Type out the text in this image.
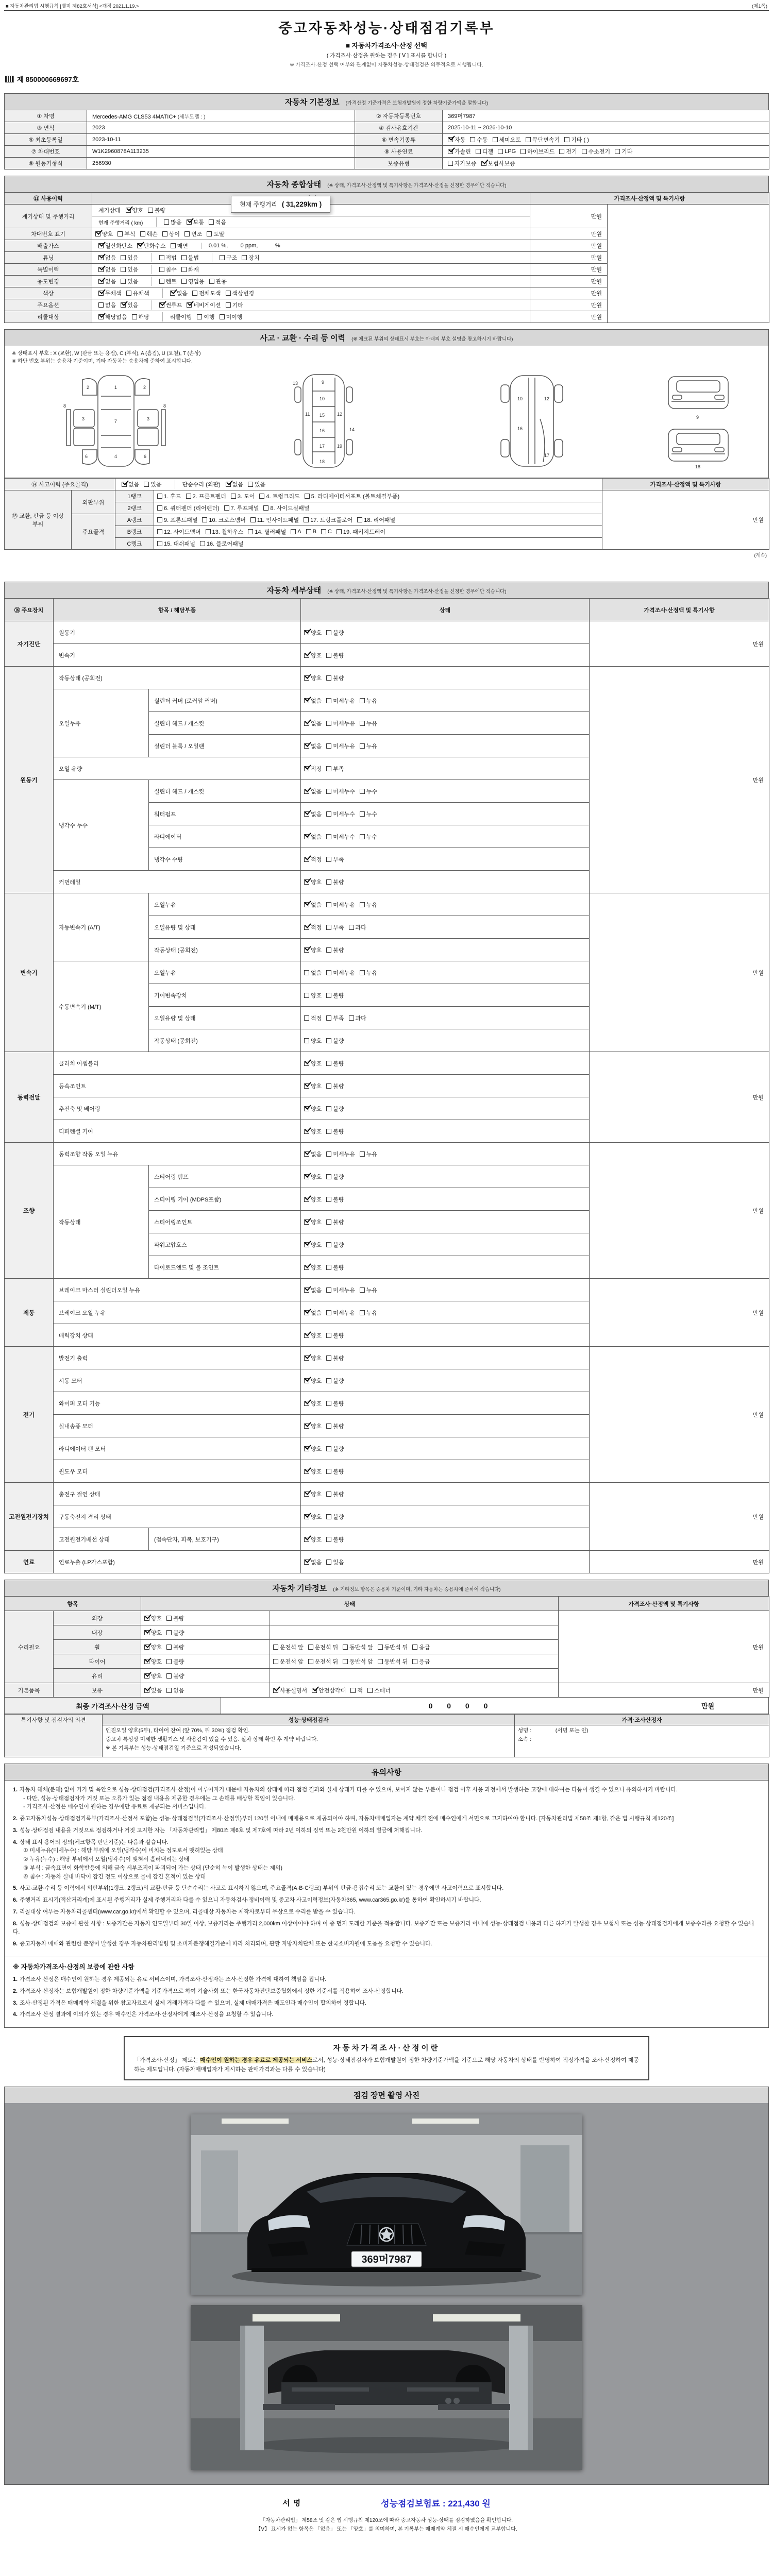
■ 자동차관리법 시행규칙 [별지 제82호서식] <개정 2021.1.19.>	(제1쪽)
중고자동차성능·상태점검기록부
■ 자동차가격조사·산정 선택
( 가격조사·산정을 원하는 경우 [ Ⅴ ] 표시를 합니다 )
※ 가격조사·산정 선택 여부와 관계없이 자동차성능·상태점검은 의무적으로 시행됩니다.
제 850000669697호
자동차 기본정보 (가격산정 기준가격은 보험개발원이 정한 차량기준가액을 말합니다)
① 차명	Mercedes-AMG CLS53 4MATIC+ (세부모델 : )	② 자동차등록번호	369머7987
③ 연식	2023	④ 검사유효기간	2025-10-11 ~ 2026-10-10
⑤ 최초등록일	2023-10-11	⑥ 변속기종류	자동 수동 세미오토 무단변속기 기타 ( )

⑦ 차대번호	W1K2960878A113235	⑧ 사용연료	가솔린 디젤 LPG 하이브리드 전기 수소전기 기타

⑨ 원동기형식	256930	보증유형	자가보증 보험사보증
자동차 종합상태 (※ 상태, 가격조사·산정액 및 특기사항은 가격조사·산정을 신청한 경우에만 적습니다)
⑪ 사용이력		가격조사·산정액 및 특기사항	
계기상태 및 주행거리	계기상태 양호 불량	만원	

	현재 주행거리 ( km) 많음 보통 적음		

차대번호 표기	양호 부식 훼손 상이 변조 도말	만원
배출가스	일산화탄소 탄화수소 매연 0.01 %,        0 ppm,           %	만원	
튜닝	없음 있음	적법 불법	구조 장치	만원
특별이력	없음 있음 침수 화재	만원	
용도변경	없음 있음 렌트 영업용 관용	만원	
색상	무채색 유채색 없음 전체도색 색상변경	만원	
주요옵션	없음 있음 썬루프 네비게이션 기타	만원	
리콜대상	해당없음 해당 리콜이행 이행 미이행	만원	
현재 주행거리 ( 31,229km )
사고 · 교환 · 수리 등 이력 (※ 체크된 부위의 상태표시 부호는 아래의 부호 설명을 참고하시기 바랍니다)
※ 상태표시 부호 : X (교환), W (판금 또는 용접), C (부식), A (흠집), U (요철), T (손상)
※ 하단 번호 부위는 승용차 기준이며, 기타 자동차는 승용차에 준하여 표시합니다.
1
7
4
2	2
3	3
6	6
8	8
9
10
11	12
13
14
15
16
17
18
19
10	12
16
17
9
18
⑭ 사고이력 (주요골격)		없음 있음 단순수리 (외판) 없음 있음		가격조사·산정액 및 특기사항
⑮ 교환, 판금 등 이상 부위	외판부위	1랭크	1. 후드 2. 프론트펜더 3. 도어 4. 트렁크리드 5. 라디에이터서포트 (볼트체결부품)	만원
		2랭크	6. 쿼터펜더 (리어펜더) 7. 루프패널 8. 사이드실패널	

	주요골격	A랭크	9. 프론트패널 10. 크로스멤버 11. 인사이드패널 17. 트렁크플로어 18. 리어패널	

B랭크	12. 사이드멤버 13. 휠하우스 14. 필러패널 A B C 19. 패키지트레이

		C랭크	15. 대쉬패널 16. 플로어패널	
(계속)
자동차 세부상태 (※ 상태, 가격조사·산정액 및 특기사항은 가격조사·산정을 신청한 경우에만 적습니다)
⑯ 주요장치	항목 / 해당부품		상태	가격조사·산정액 및 특기사항
자기진단	원동기		양호 불량	만원
	변속기		양호 불량	

원동기	작동상태 (공회전)		양호 불량	만원
	오일누유	실린더 커버 (로커암 커버)	없음 미세누유 누유	

		실린더 헤드 / 개스킷	없음 미세누유 누유	

		실린더 블록 / 오일팬	없음 미세누유 누유	

	오일 유량		적정 부족	

	냉각수 누수	실린더 헤드 / 개스킷	없음 미세누수 누수	

		워터펌프	없음 미세누수 누수	

		라디에이터	없음 미세누수 누수	

		냉각수 수량	적정 부족	

	커먼레일		양호 불량	

변속기	자동변속기 (A/T)	오일누유	없음 미세누유 누유	만원
		오일유량 및 상태	적정 부족 과다	

		작동상태 (공회전)	양호 불량	

	수동변속기 (M/T)	오일누유	없음 미세누유 누유	

		기어변속장치	양호 불량	

		오일유량 및 상태	적정 부족 과다	

		작동상태 (공회전)	양호 불량	

동력전달	클러치 어셈블리		양호 불량	만원
	등속조인트		양호 불량	

	추진축 및 베어링		양호 불량	

	디퍼렌셜 기어		양호 불량	

조향	동력조향 작동 오일 누유		없음 미세누유 누유	만원
	작동상태	스티어링 펌프	양호 불량	

		스티어링 기어 (MDPS포함)	양호 불량	

		스티어링조인트	양호 불량	

		파워고압호스	양호 불량	

		타이로드엔드 및 볼 조인트	양호 불량	

제동	브레이크 마스터 실린더오일 누유		없음 미세누유 누유	만원
	브레이크 오일 누유		없음 미세누유 누유	

	배력장치 상태		양호 불량	

전기	발전기 출력		양호 불량	만원
	시동 모터		양호 불량	

	와이퍼 모터 기능		양호 불량	

	실내송풍 모터		양호 불량	

	라디에이터 팬 모터		양호 불량	

	윈도우 모터		양호 불량	

고전원전기장치	충전구 절연 상태		양호 불량	만원
	구동축전지 격리 상태		양호 불량	

	고전원전기배선 상태	(접속단자, 피복, 보호기구)	양호 불량	

연료	연료누출 (LP가스포함)		없음 있음	만원
자동차 기타정보 (※ 기타정보 항목은 승용차 기준이며, 기타 자동차는 승용차에 준하여 적습니다)
항목		상태		가격조사·산정액 및 특기사항
수리필요	외장	양호 불량		만원
	내장	양호 불량		

	휠	양호 불량	운전석 앞 운전석 뒤 동반석 앞 동반석 뒤 응급	

	타이어	양호 불량	운전석 앞 운전석 뒤 동반석 앞 동반석 뒤 응급	

	유리	양호 불량		

기본품목	보유	있음 없음	사용설명서 안전삼각대 잭 스패너	만원
최종 가격조사·산정 금액	0 0 0 0	만원
특기사항 및 점검자의 의견	성능·상태점검자	가격·조사산정자

엔진오일 양호(5부), 타이어 잔여 (앞 70%, 뒤 30%) 점검 확인.
중고차 특성상 미세한 생활기스 및 사용감이 있을 수 있음. 실차 상태 확인 후 계약 바랍니다.
※ 본 기록부는 성능·상태점검일 기준으로 작성되었습니다.

성명 :                (서명 또는 인)
소속 :
유의사항
1. 자동차 해체(분해) 없이 기기 및 육안으로 성능·상태점검(가격조사·산정)이 이루어지기 때문에 자동차의 상태에 따라 점검 결과와 실제 상태가 다를 수 있으며, 보이지 않는 부분이나 점검 이후 사용 과정에서 발생하는 고장에 대하여는 다툼이 생길 수 있으니 유의하시기 바랍니다.
- 다만, 성능·상태점검자가 거짓 또는 오류가 있는 점검 내용을 제공한 경우에는 그 손해를 배상할 책임이 있습니다.
- 가격조사·산정은 매수인이 원하는 경우에만 유료로 제공되는 서비스입니다.
2. 중고자동차성능·상태점검기록부(가격조사·산정서 포함)는 성능·상태점검일(가격조사·산정일)부터 120일 이내에 매매용으로 제공되어야 하며, 자동차매매업자는 계약 체결 전에 매수인에게 서면으로 고지하여야 합니다. [자동차관리법 제58조 제1항, 같은 법 시행규칙 제120조]
3. 성능·상태점검 내용을 거짓으로 점검하거나 거짓 고지한 자는 「자동차관리법」 제80조 제6호 및 제7호에 따라 2년 이하의 징역 또는 2천만원 이하의 벌금에 처해집니다.
4. 상태 표시 용어의 정의(체크항목 판단기준)는 다음과 같습니다.
① 미세누유(미세누수) : 해당 부위에 오일(냉각수)이 비치는 정도로서 맺혀있는 상태
② 누유(누수) : 해당 부위에서 오일(냉각수)이 맺혀서 흘러내리는 상태
③ 부식 : 금속표면이 화학반응에 의해 금속 세부조직이 파괴되어 가는 상태 (단순히 녹이 발생한 상태는 제외)
④ 침수 : 자동차 실내 바닥이 잠긴 정도 이상으로 물에 잠긴 흔적이 있는 상태
5. 사고·교환·수리 등 이력에서 외판부위(1랭크, 2랭크)의 교환·판금 등 단순수리는 사고로 표시하지 않으며, 주요골격(A·B·C랭크) 부위의 판금·용접수리 또는 교환이 있는 경우에만 사고이력으로 표시합니다.
6. 주행거리 표시기(적산거리계)에 표시된 주행거리가 실제 주행거리와 다를 수 있으니 자동차검사·정비이력 및 중고차 사고이력정보(자동차365, www.car365.go.kr)를 통하여 확인하시기 바랍니다.
7. 리콜대상 여부는 자동차리콜센터(www.car.go.kr)에서 확인할 수 있으며, 리콜대상 자동차는 제작사로부터 무상으로 수리를 받을 수 있습니다.
8. 성능·상태점검의 보증에 관한 사항 : 보증기간은 자동차 인도일부터 30일 이상, 보증거리는 주행거리 2,000km 이상이어야 하며 이 중 먼저 도래한 기준을 적용합니다. 보증기간 또는 보증거리 이내에 성능·상태점검 내용과 다른 하자가 발생한 경우 보험사 또는 성능·상태점검자에게 보증수리를 요청할 수 있습니다.
9. 중고자동차 매매와 관련한 분쟁이 발생한 경우 자동차관리법령 및 소비자분쟁해결기준에 따라 처리되며, 관할 지방자치단체 또는 한국소비자원에 도움을 요청할 수 있습니다.
※ 자동차가격조사·산정의 보증에 관한 사항
1. 가격조사·산정은 매수인이 원하는 경우 제공되는 유료 서비스이며, 가격조사·산정자는 조사·산정한 가격에 대하여 책임을 집니다.
2. 가격조사·산정자는 보험개발원이 정한 차량기준가액을 기준가격으로 하여 기술사회 또는 한국자동차진단보증협회에서 정한 기준서를 적용하여 조사·산정합니다.
3. 조사·산정된 가격은 매매계약 체결을 위한 참고자료로서 실제 거래가격과 다를 수 있으며, 실제 매매가격은 매도인과 매수인이 합의하여 정합니다.
4. 가격조사·산정 결과에 이의가 있는 경우 매수인은 가격조사·산정자에게 재조사·산정을 요청할 수 있습니다.
자동차가격조사·산정이란
「가격조사·산정」 제도는 매수인이 원하는 경우 유료로 제공되는 서비스로서, 성능·상태점검자가 보험개발원이 정한 차량기준가액을 기준으로 해당 자동차의 상태를 반영하여 적정가격을 조사·산정하여 제공하는 제도입니다. (자동차매매업자가 제시하는 판매가격과는 다를 수 있습니다)
점검 장면 촬영 사진
369머7987
서명	성능점검보험료 : 221,430 원
「자동차관리법」 제58조 및 같은 법 시행규칙 제120조에 따라 중고자동차 성능·상태를 점검하였음을 확인합니다.
【Ⅴ】 표시가 없는 항목은 「없음」 또는 「양호」를 의미하며, 본 기록부는 매매계약 체결 시 매수인에게 교부합니다.
